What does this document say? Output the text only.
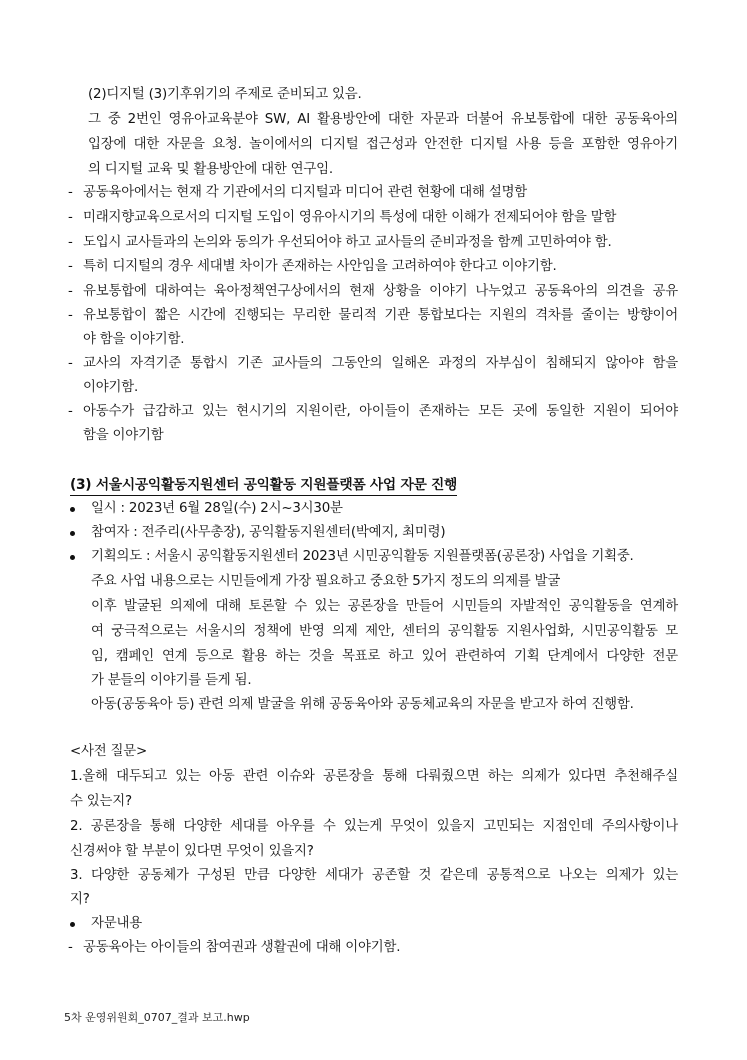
(2)디지털 (3)기후위기의 주제로 준비되고 있음.
그 중 2번인 영유아교육분야 SW, AI 활용방안에 대한 자문과 더불어 유보통합에 대한 공동육아의
입장에 대한 자문을 요청. 놀이에서의 디지털 접근성과 안전한 디지털 사용 등을 포함한 영유아기
의 디지털 교육 및 활용방안에 대한 연구임.
- 공동육아에서는 현재 각 기관에서의 디지털과 미디어 관련 현황에 대해 설명함
- 미래지향교육으로서의 디지털 도입이 영유아시기의 특성에 대한 이해가 전제되어야 함을 말함
- 도입시 교사들과의 논의와 동의가 우선되어야 하고 교사들의 준비과정을 함께 고민하여야 함.
- 특히 디지털의 경우 세대별 차이가 존재하는 사안임을 고려하여야 한다고 이야기함.
- 유보통합에 대하여는 육아정책연구상에서의 현재 상황을 이야기 나누었고 공동육아의 의견을 공유
- 유보통합이 짧은 시간에 진행되는 무리한 물리적 기관 통합보다는 지원의 격차를 줄이는 방향이어
야 함을 이야기함.
- 교사의 자격기준 통합시 기존 교사들의 그동안의 일해온 과정의 자부심이 침해되지 않아야 함을
이야기함.
- 아동수가 급감하고 있는 현시기의 지원이란, 아이들이 존재하는 모든 곳에 동일한 지원이 되어야
함을 이야기함
(3) 서울시공익활동지원센터 공익활동 지원플랫폼 사업 자문 진행
일시 : 2023년 6월 28일(수) 2시~3시30분
참여자 : 전주리(사무총장), 공익활동지원센터(박예지, 최미령)
기획의도 : 서울시 공익활동지원센터 2023년 시민공익활동 지원플랫폼(공론장) 사업을 기획중.
주요 사업 내용으로는 시민들에게 가장 필요하고 중요한 5가지 정도의 의제를 발굴
이후 발굴된 의제에 대해 토론할 수 있는 공론장을 만들어 시민들의 자발적인 공익활동을 연계하
여 궁극적으로는 서울시의 정책에 반영 의제 제안, 센터의 공익활동 지원사업화, 시민공익활동 모
임, 캠페인 연계 등으로 활용 하는 것을 목표로 하고 있어 관련하여 기획 단계에서 다양한 전문
가 분들의 이야기를 듣게 됨.
아동(공동육아 등) 관련 의제 발굴을 위해 공동육아와 공동체교육의 자문을 받고자 하여 진행함.
<사전 질문>
1.올해 대두되고 있는 아동 관련 이슈와 공론장을 통해 다뤄줬으면 하는 의제가 있다면 추천해주실
수 있는지?
2. 공론장을 통해 다양한 세대를 아우를 수 있는게 무엇이 있을지 고민되는 지점인데 주의사항이나
신경써야 할 부분이 있다면 무엇이 있을지?
3. 다양한 공동체가 구성된 만큼 다양한 세대가 공존할 것 같은데 공통적으로 나오는 의제가 있는
지?
자문내용
- 공동육아는 아이들의 참여권과 생활권에 대해 이야기함.
5차 운영위원회_0707_결과 보고.hwp
